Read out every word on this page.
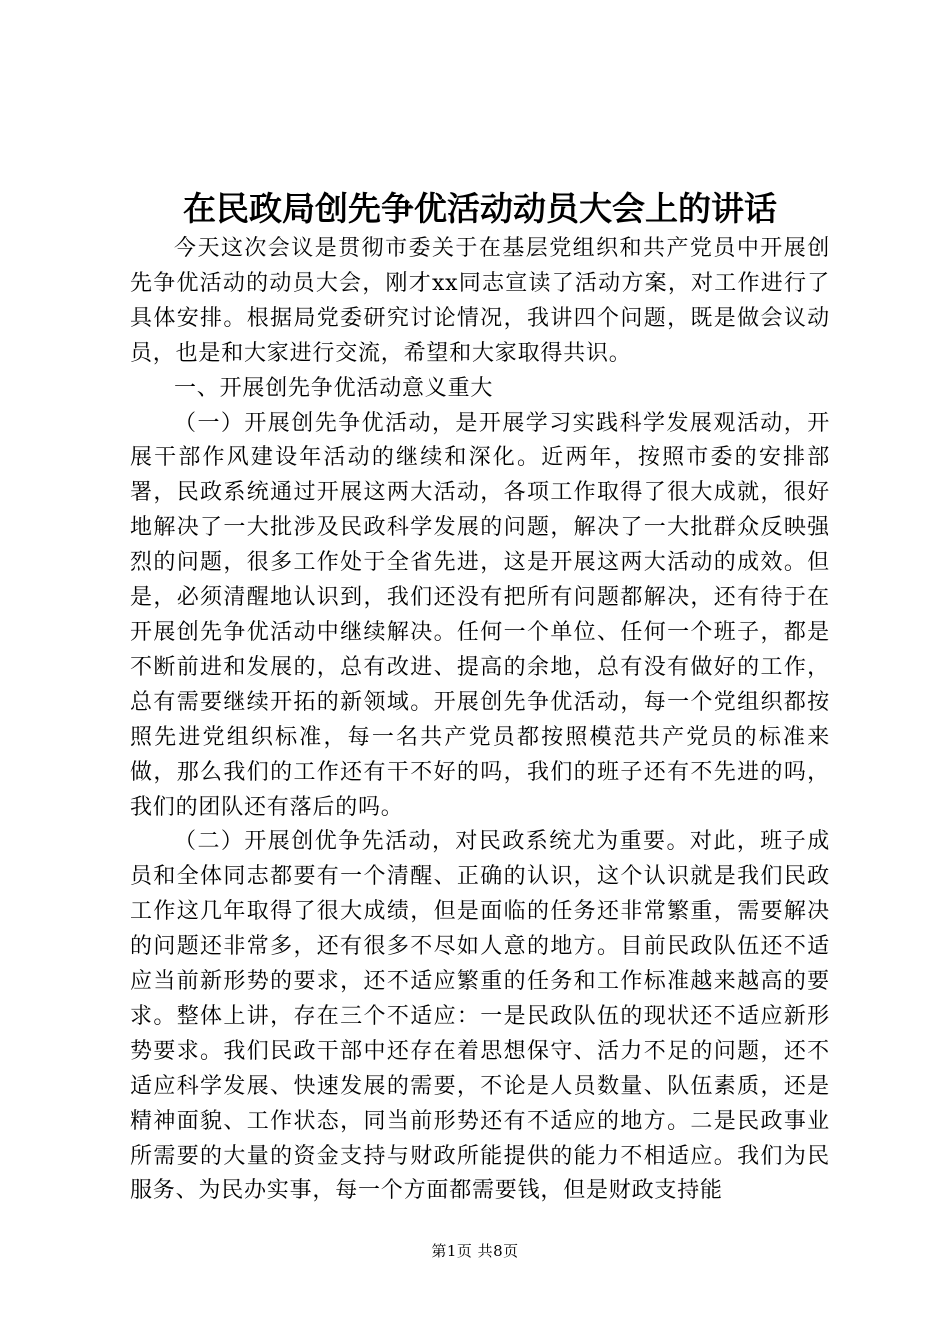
在民政局创先争优活动动员大会上的讲话

今天这次会议是贯彻市委关于在基层党组织和共产党员中开展创先争优活动的动员大会，刚才xx同志宣读了活动方案，对工作进行了具体安排。根据局党委研究讨论情况，我讲四个问题，既是做会议动员，也是和大家进行交流，希望和大家取得共识。

一、开展创先争优活动意义重大

（一）开展创先争优活动，是开展学习实践科学发展观活动，开展干部作风建设年活动的继续和深化。近两年，按照市委的安排部署，民政系统通过开展这两大活动，各项工作取得了很大成就，很好地解决了一大批涉及民政科学发展的问题，解决了一大批群众反映强烈的问题，很多工作处于全省先进，这是开展这两大活动的成效。但是，必须清醒地认识到，我们还没有把所有问题都解决，还有待于在开展创先争优活动中继续解决。任何一个单位、任何一个班子，都是不断前进和发展的，总有改进、提高的余地，总有没有做好的工作，总有需要继续开拓的新领域。开展创先争优活动，每一个党组织都按照先进党组织标准，每一名共产党员都按照模范共产党员的标准来做，那么我们的工作还有干不好的吗，我们的班子还有不先进的吗，我们的团队还有落后的吗。

（二）开展创优争先活动，对民政系统尤为重要。对此，班子成员和全体同志都要有一个清醒、正确的认识，这个认识就是我们民政工作这几年取得了很大成绩，但是面临的任务还非常繁重，需要解决的问题还非常多，还有很多不尽如人意的地方。目前民政队伍还不适应当前新形势的要求，还不适应繁重的任务和工作标准越来越高的要求。整体上讲，存在三个不适应：一是民政队伍的现状还不适应新形势要求。我们民政干部中还存在着思想保守、活力不足的问题，还不适应科学发展、快速发展的需要，不论是人员数量、队伍素质，还是精神面貌、工作状态，同当前形势还有不适应的地方。二是民政事业所需要的大量的资金支持与财政所能提供的能力不相适应。我们为民服务、为民办实事，每一个方面都需要钱，但是财政支持能

第1页 共8页
